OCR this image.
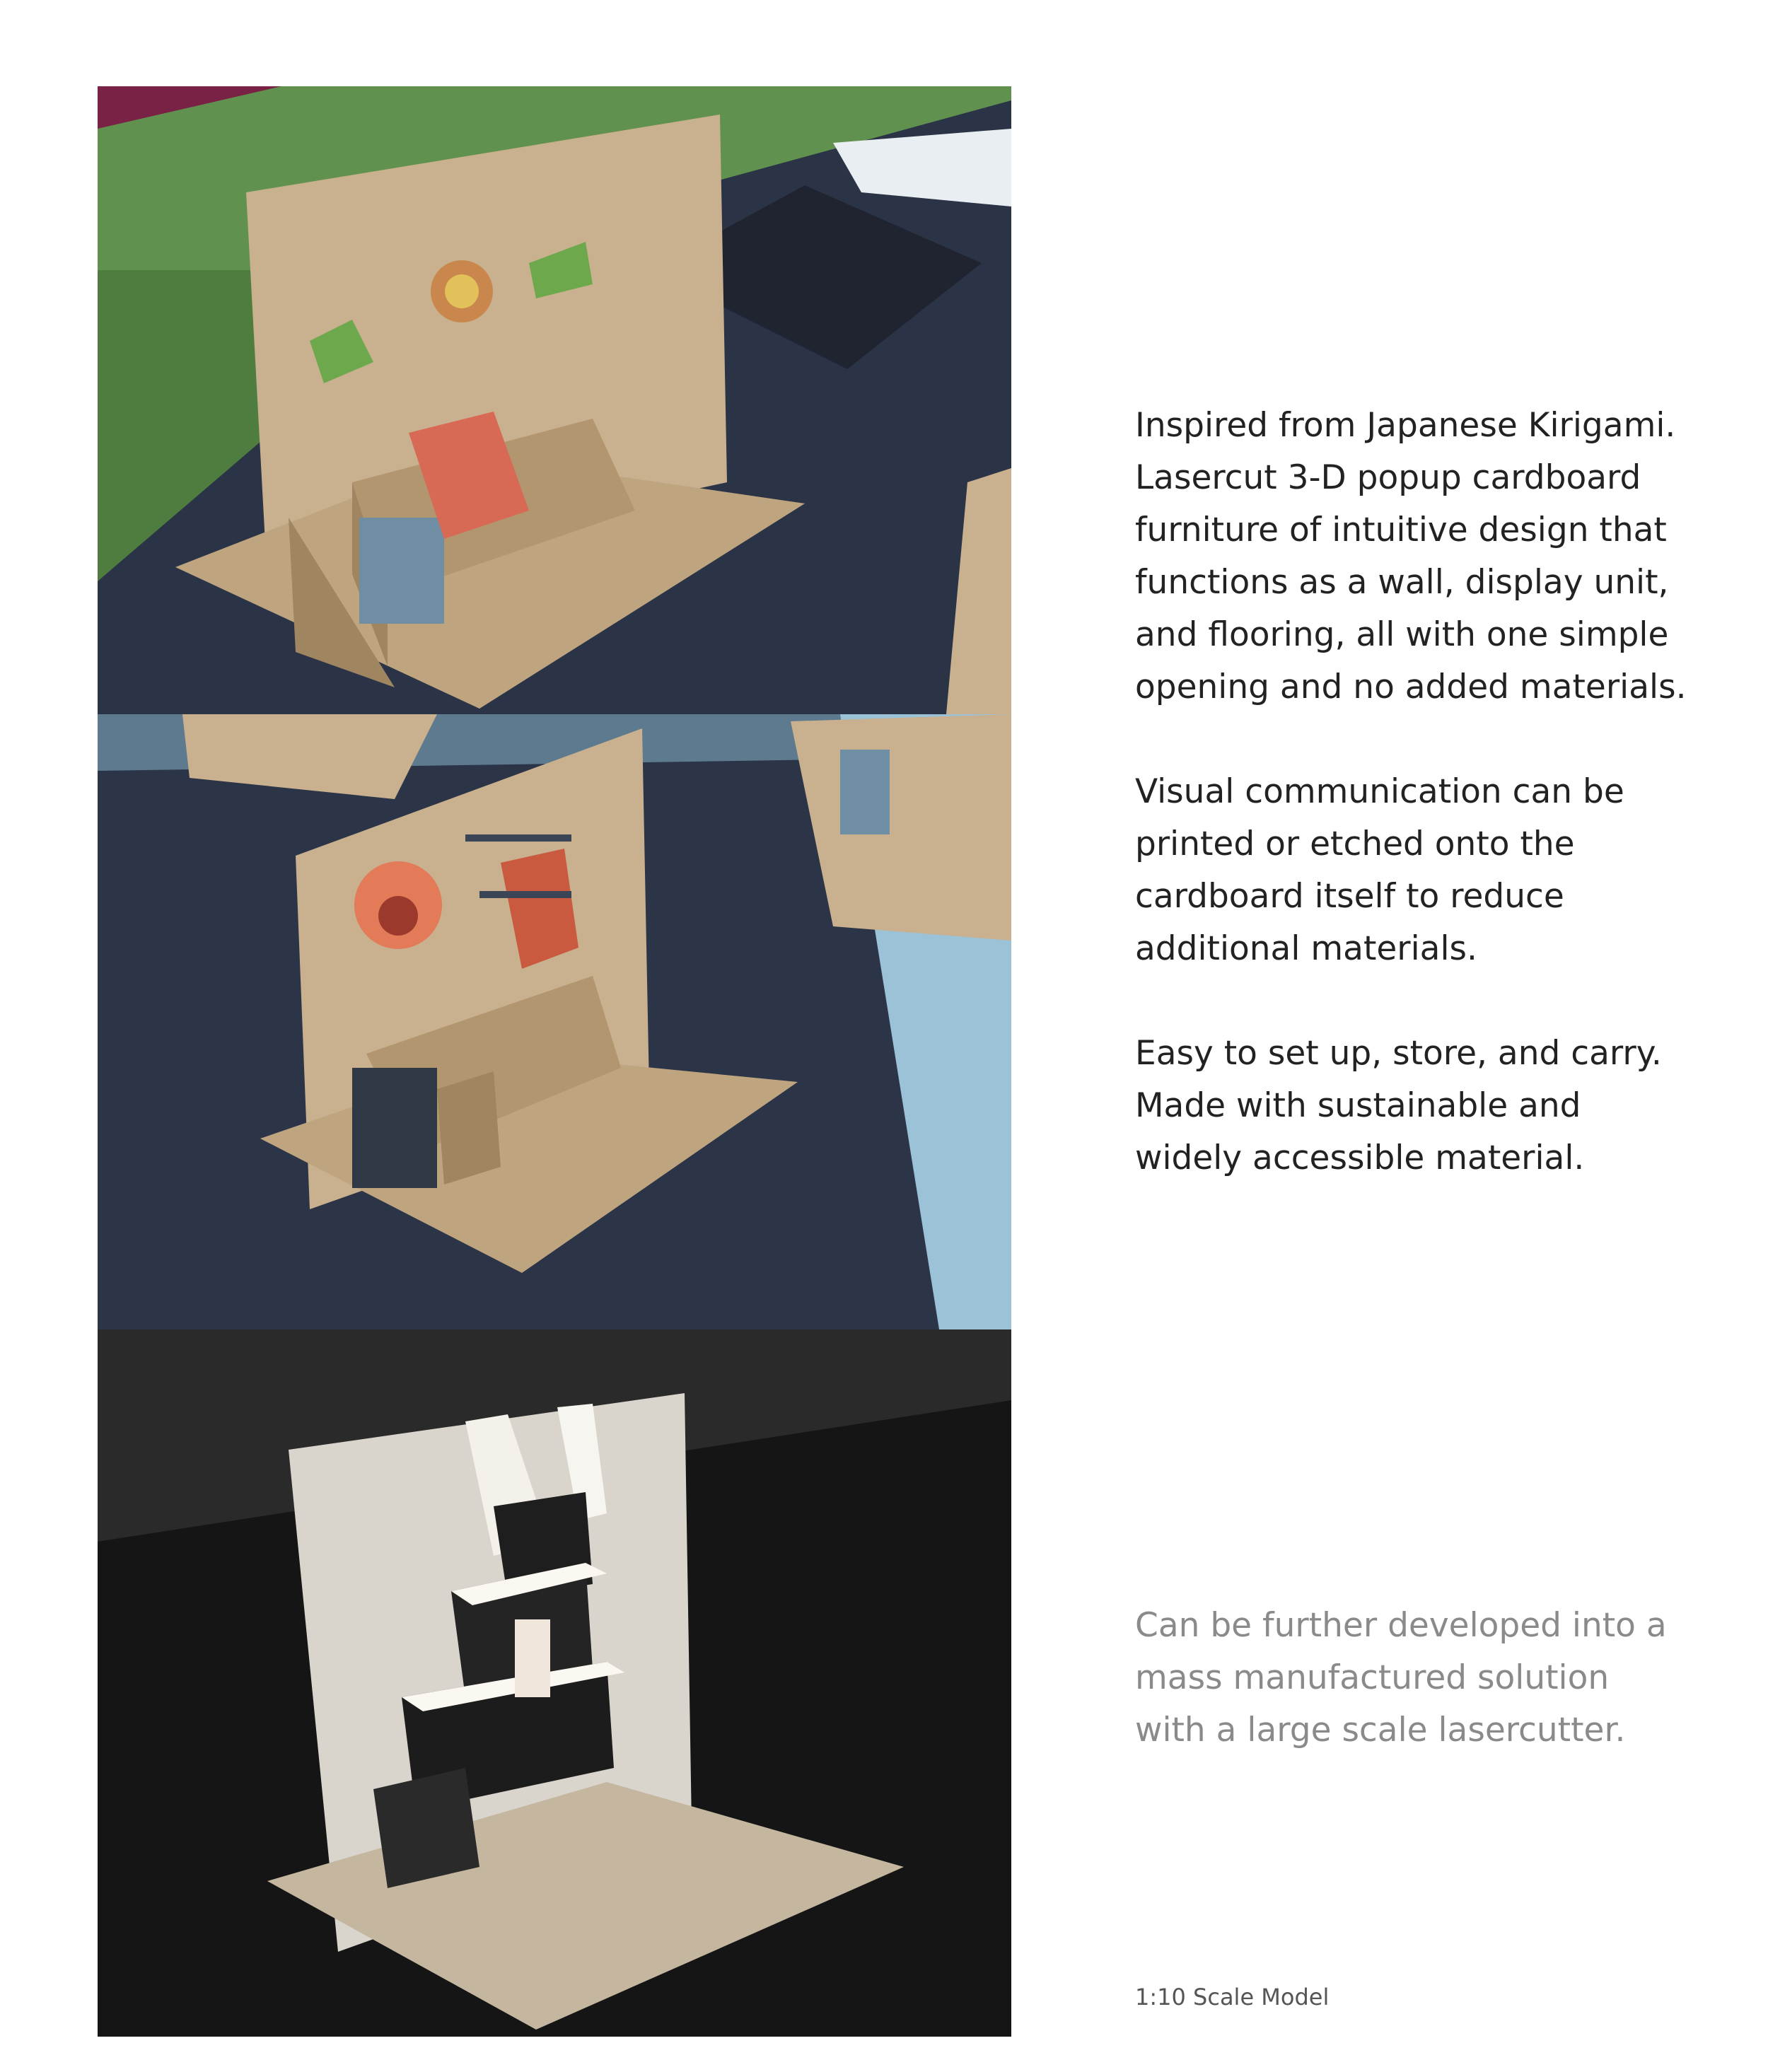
Inspired from Japanese Kirigami. Lasercut 3-D popup cardboard furniture of intuitive design that functions as a wall, display unit, and flooring, all with one simple opening and no added materials.

Visual communication can be printed or etched onto the cardboard itself to reduce additional materials.

Easy to set up, store, and carry. Made with sustainable and widely accessible material.

Can be further developed into a mass manufactured solution with a large scale lasercutter.

1:10 Scale Model
